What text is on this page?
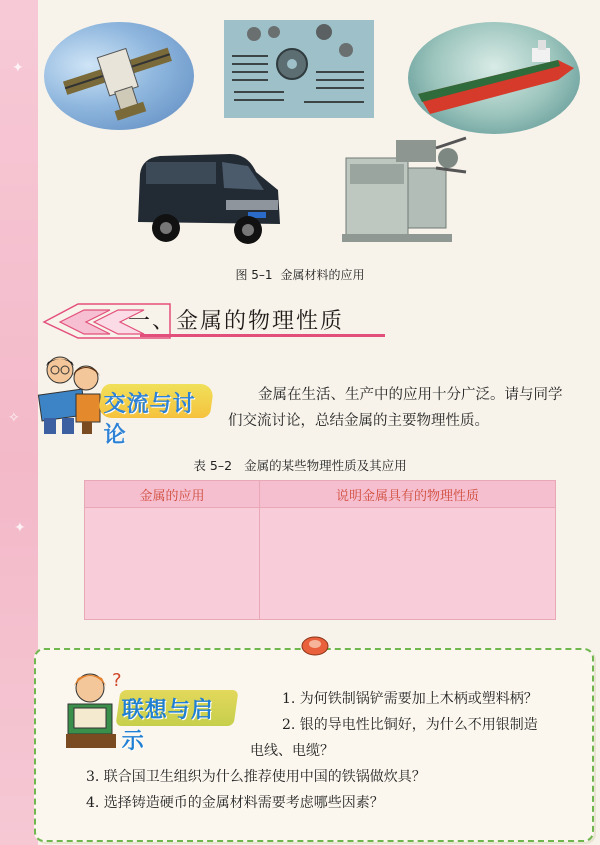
✦
✧
✦
图 5–1 金属材料的应用
一、金属的物理性质
交流与讨论
金属在生活、生产中的应用十分广泛。请与同学
们交流讨论，总结金属的主要物理性质。
表 5–2 金属的某些物理性质及其应用
金属的应用	说明金属具有的物理性质

?
联想与启示
1. 为何铁制锅铲需要加上木柄或塑料柄？
2. 银的导电性比铜好，为什么不用银制造
电线、电缆？
3. 联合国卫生组织为什么推荐使用中国的铁锅做炊具？
4. 选择铸造硬币的金属材料需要考虑哪些因素？
